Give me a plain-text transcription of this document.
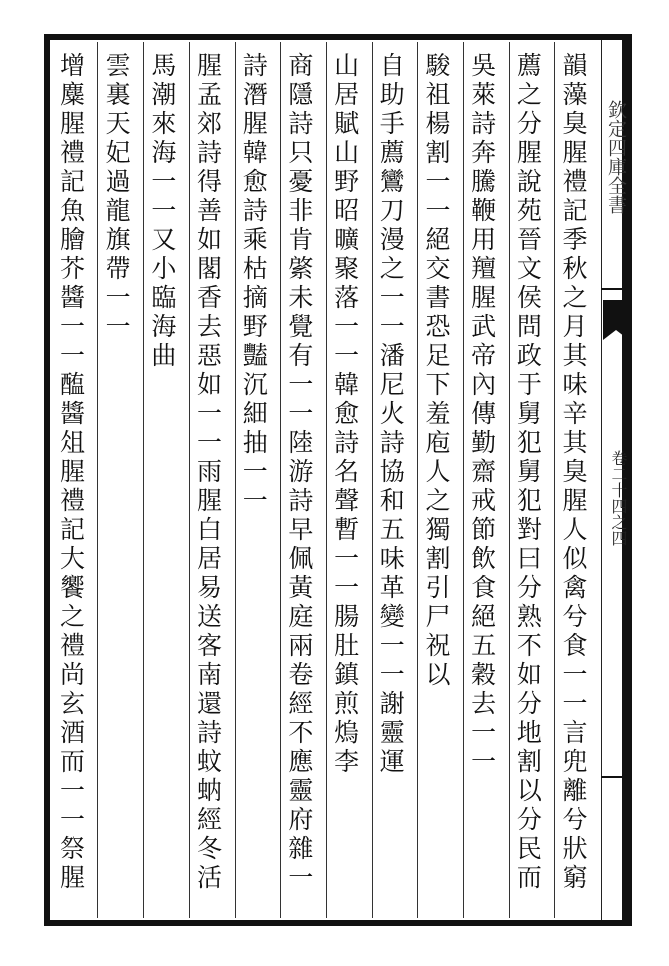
欽定四庫全書
卷二十四之四
韻藻臭腥禮記季秋之月其味辛其臭腥人似禽兮食一一言兜離兮狀窮
薦之分腥說苑晉文侯問政于舅犯舅犯對曰分熟不如分地割以分民而
吳萊詩奔騰鞭用羶腥武帝內傳勤齋戒節飲食絕五穀去一一
駿祖楊割一一絕交書恐足下羞庖人之獨割引尸祝以
自助手薦鸞刀漫之一一潘尼火詩協和五味革變一一謝靈運
山居賦山野昭曠聚落一一韓愈詩名聲暫一一腸肚鎮煎熓李
商隱詩只憂非肯綮未覺有一一陸游詩早佩黃庭兩卷經不應靈府雜一
詩潛腥韓愈詩乘枯摘野豔沉細抽一一
腥孟郊詩得善如閣香去惡如一一雨腥白居易送客南還詩蚊蚋經冬活
馬潮來海一一又小臨海曲
雲裏天妃過龍旗帶一一
增麋腥禮記魚膾芥醬一一醢醬俎腥禮記大饗之禮尚玄酒而一一祭腥
